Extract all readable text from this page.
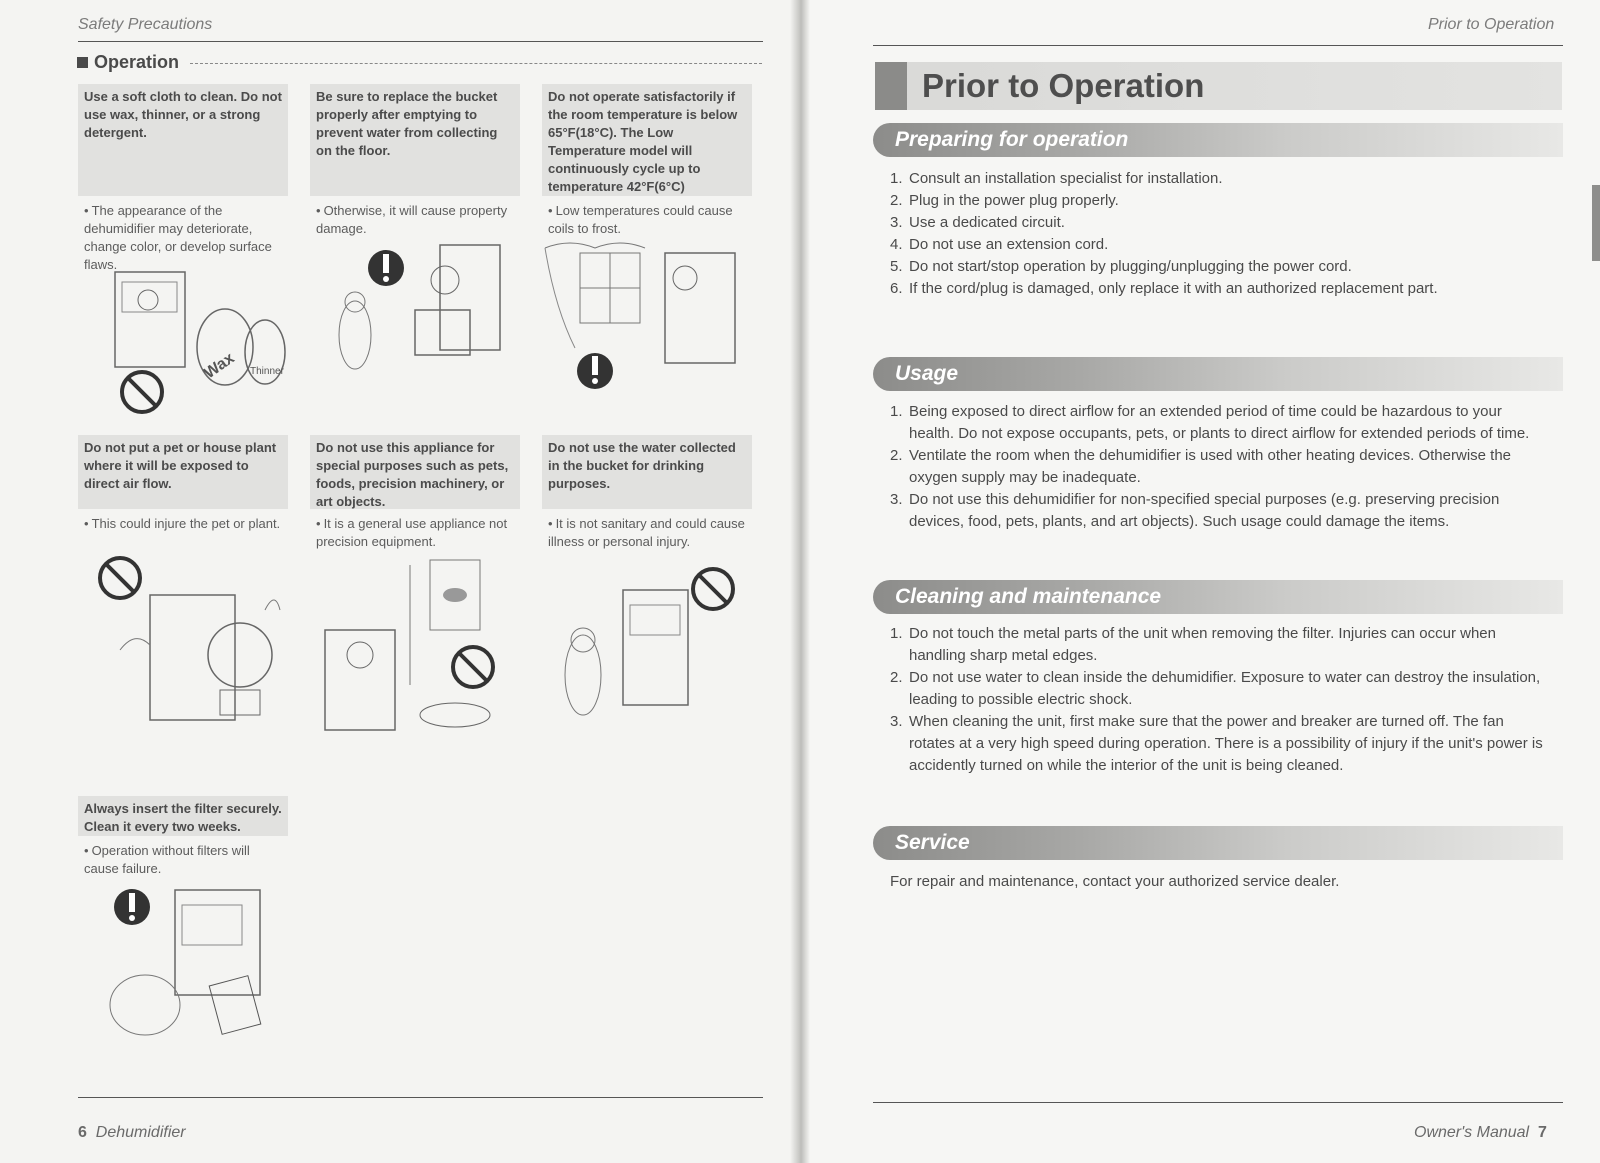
Safety Precautions
Operation
Use a soft cloth to clean. Do not use wax, thinner, or a strong detergent.
• The appearance of the dehumidifier may deteriorate, change color, or develop surface flaws.
Be sure to replace the bucket properly after emptying to prevent water from collecting on the floor.
• Otherwise, it will cause property damage.
Do not operate satisfactorily if the room temperature is below 65°F(18°C). The Low Temperature model will continuously cycle up to temperature 42°F(6°C)
• Low temperatures could cause coils to frost.
Wax Thinner
Do not put a pet or house plant where it will be exposed to direct air flow.
• This could injure the pet or plant.
Do not use this appliance for special purposes such as pets, foods, precision machinery, or art objects.
• It is a general use appliance not precision equipment.
Do not use the water collected in the bucket for drinking purposes.
• It is not sanitary and could cause illness or personal injury.
Always insert the filter securely. Clean it every two weeks.
• Operation without filters will cause failure.
6 Dehumidifier
Prior to Operation
Prior to Operation
Preparing for operation
1. Consult an installation specialist for installation.
2. Plug in the power plug properly.
3. Use a dedicated circuit.
4. Do not use an extension cord.
5. Do not start/stop operation by plugging/unplugging the power cord.
6. If the cord/plug is damaged, only replace it with an authorized replacement part.
Usage
1. Being exposed to direct airflow for an extended period of time could be hazardous to your health. Do not expose occupants, pets, or plants to direct airflow for extended periods of time.
2. Ventilate the room when the dehumidifier is used with other heating devices. Otherwise the oxygen supply may be inadequate.
3. Do not use this dehumidifier for non-specified special purposes (e.g. preserving precision devices, food, pets, plants, and art objects). Such usage could damage the items.
Cleaning and maintenance
1. Do not touch the metal parts of the unit when removing the filter. Injuries can occur when handling sharp metal edges.
2. Do not use water to clean inside the dehumidifier. Exposure to water can destroy the insulation, leading to possible electric shock.
3. When cleaning the unit, first make sure that the power and breaker are turned off. The fan rotates at a very high speed during operation. There is a possibility of injury if the unit's power is accidently turned on while the interior of the unit is being cleaned.
Service
For repair and maintenance, contact your authorized service dealer.
Owner's Manual 7
